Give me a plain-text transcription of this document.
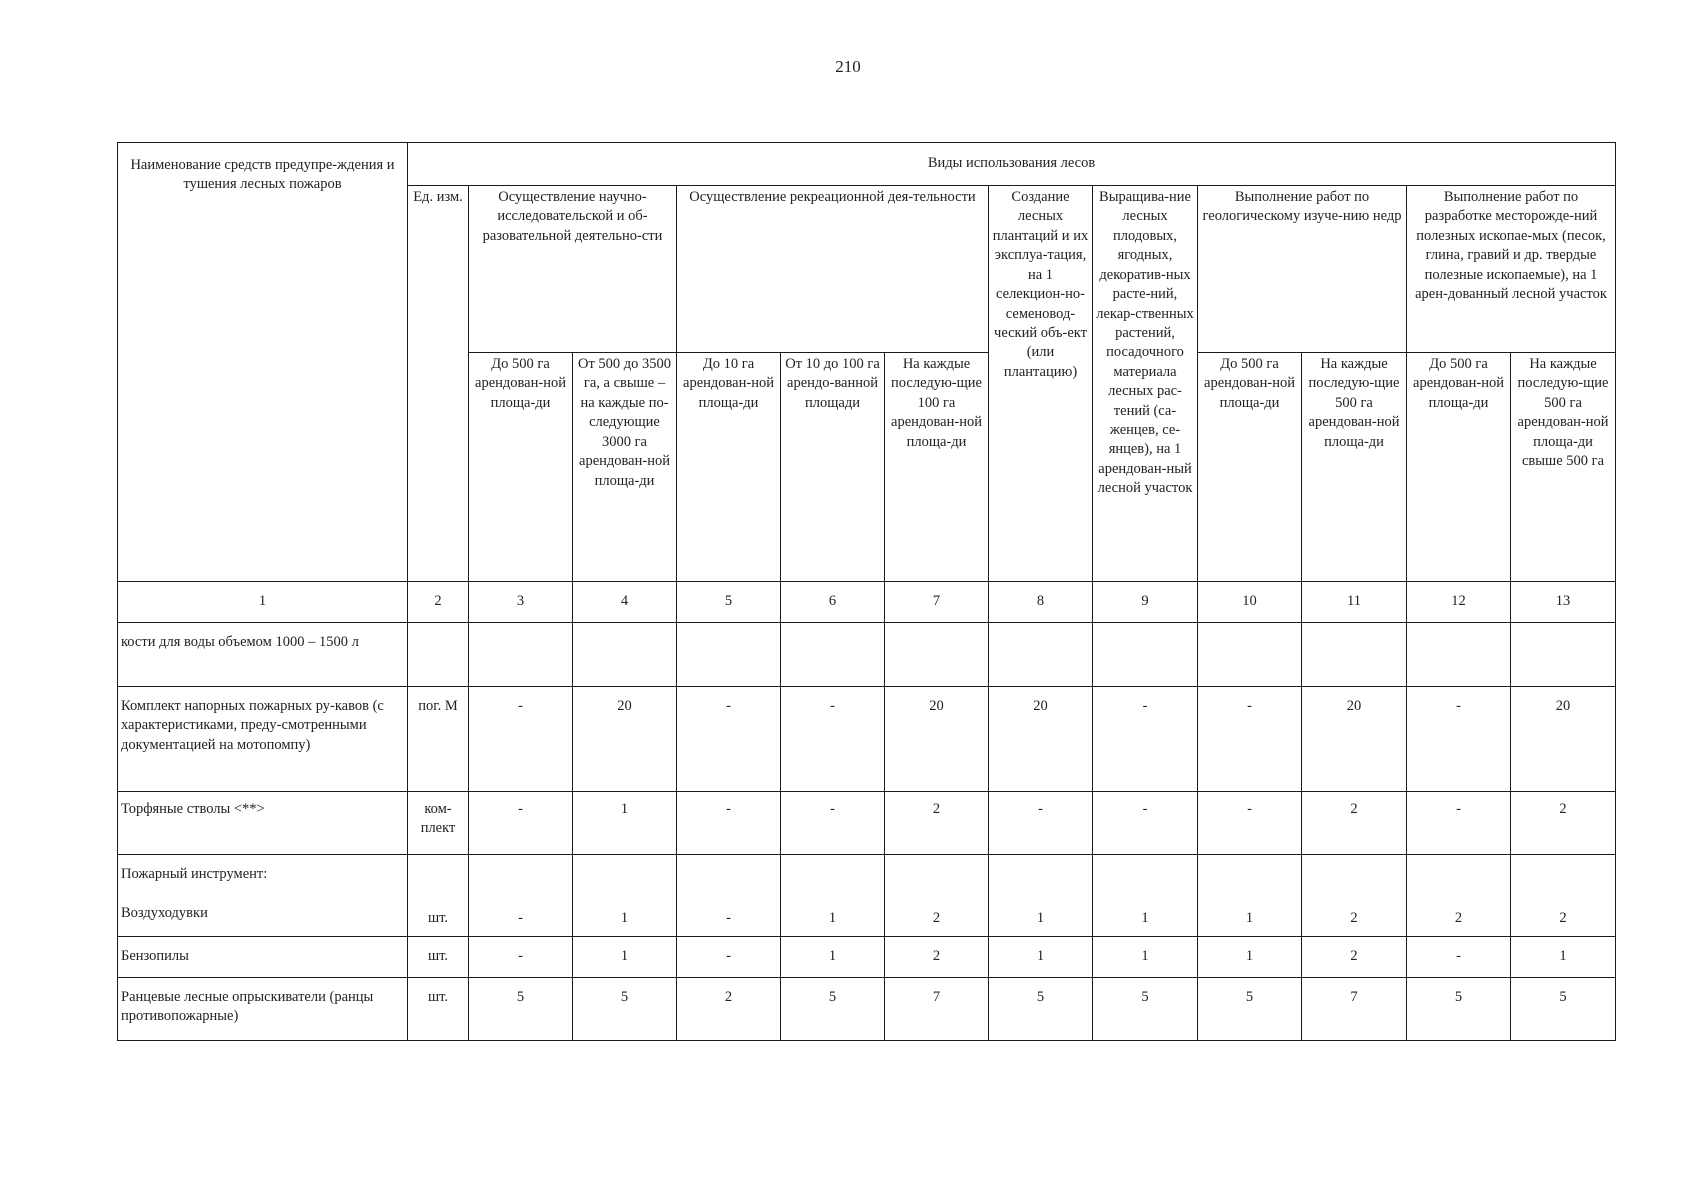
210
Наименование средств предупре-ждения и тушения лесных пожаров	Виды использования лесов											
	Ед. изм.	Осуществление научно-исследовательской и об-разовательной деятельно-сти		Осуществление рекреационной дея-тельности			Создание лесных плантаций и их эксплуа-тация, на 1 селекцион-но-семеновод-ческий объ-ект (или плантацию)	Выращива-ние лесных плодовых, ягодных, декоратив-ных расте-ний, лекар-ственных растений, посадочного материала лесных рас-тений (са-женцев, се-янцев), на 1 арендован-ный лесной участок	Выполнение работ по геологическому изуче-нию недр		Выполнение работ по разработке месторожде-ний полезных ископае-мых (песок, глина, гравий и др. твердые полезные ископаемые), на 1 арен-дованный лесной участок	
		До 500 га арендован-ной площа-ди	От 500 до 3500 га, а свыше – на каждые по-следующие 3000 га арендован-ной площа-ди	До 10 га арендован-ной площа-ди	От 10 до 100 га арендо-ванной площади	На каждые последую-щие 100 га арендован-ной площа-ди			До 500 га арендован-ной площа-ди	На каждые последую-щие 500 га арендован-ной площа-ди	До 500 га арендован-ной площа-ди	На каждые последую-щие 500 га арендован-ной площа-ди свыше 500 га
1	2	3	4	5	6	7	8	9	10	11	12	13
кости для воды объемом 1000 – 1500 л												
Комплект напорных пожарных ру-кавов (с характеристиками, преду-смотренными документацией на мотопомпу)	пог. М	-	20	-	-	20	20	-	-	20	-	20
Торфяные стволы <**>	ком-плект	-	1	-	-	2	-	-	-	2	-	2

Пожарный инструмент:
Воздуходувки	шт.	-	1	-	1	2	1	1	1	2	2	2
Бензопилы	шт.	-	1	-	1	2	1	1	1	2	-	1
Ранцевые лесные опрыскиватели (ранцы противопожарные)	шт.	5	5	2	5	7	5	5	5	7	5	5
